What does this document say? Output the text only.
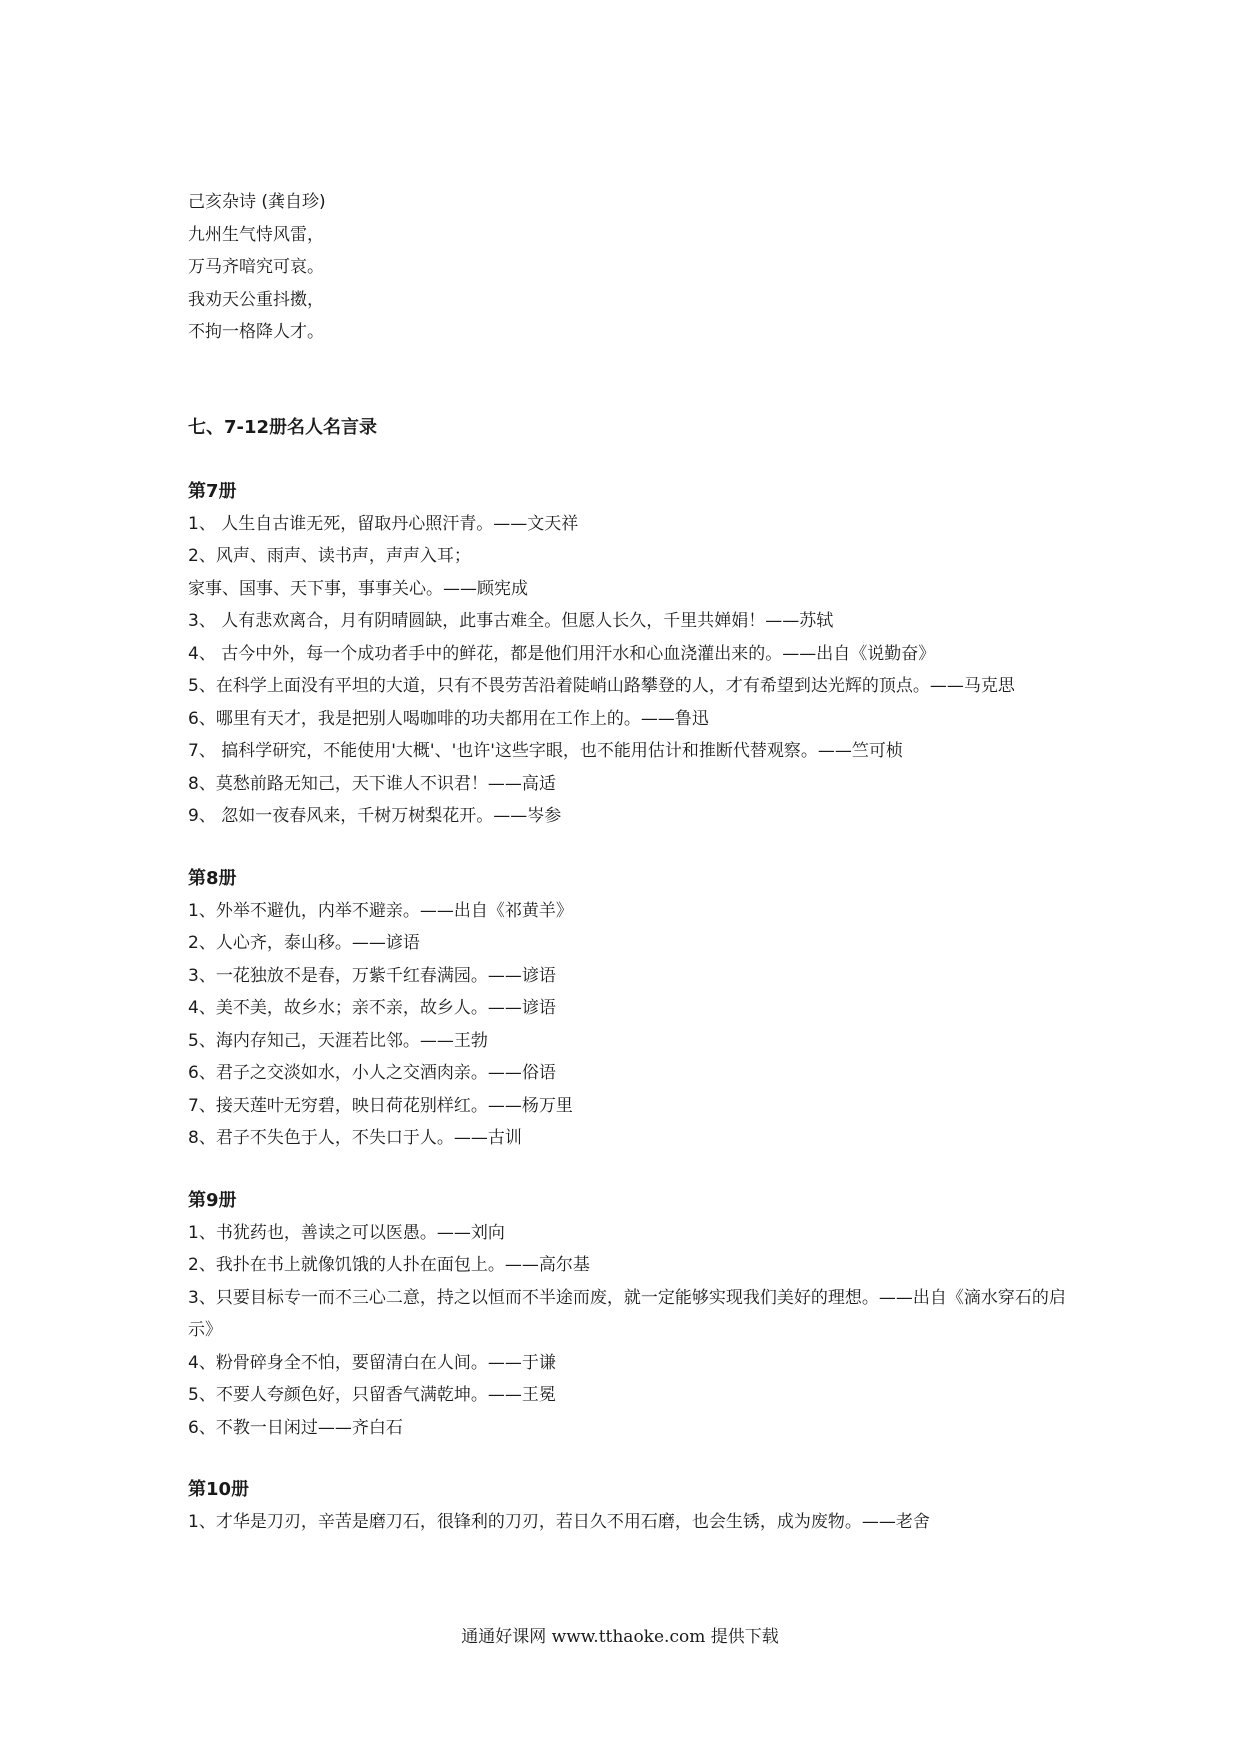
己亥杂诗 (龚自珍)
九州生气恃风雷，
万马齐喑究可哀。
我劝天公重抖擞，
不拘一格降人才。
七、7-12册名人名言录
第7册
1、 人生自古谁无死，留取丹心照汗青。——文天祥
2、风声、雨声、读书声，声声入耳；
家事、国事、天下事，事事关心。——顾宪成
3、 人有悲欢离合，月有阴晴圆缺，此事古难全。但愿人长久，千里共婵娟！——苏轼
4、 古今中外，每一个成功者手中的鲜花，都是他们用汗水和心血浇灌出来的。——出自《说勤奋》
5、在科学上面没有平坦的大道，只有不畏劳苦沿着陡峭山路攀登的人，才有希望到达光辉的顶点。——马克思
6、哪里有天才，我是把别人喝咖啡的功夫都用在工作上的。——鲁迅
7、 搞科学研究，不能使用'大概'、'也许'这些字眼，也不能用估计和推断代替观察。——竺可桢
8、莫愁前路无知己，天下谁人不识君！——高适
9、 忽如一夜春风来，千树万树梨花开。——岑参
第8册
1、外举不避仇，内举不避亲。——出自《祁黄羊》
2、人心齐，泰山移。——谚语
3、一花独放不是春，万紫千红春满园。——谚语
4、美不美，故乡水；亲不亲，故乡人。——谚语
5、海内存知己，天涯若比邻。——王勃
6、君子之交淡如水，小人之交酒肉亲。——俗语
7、接天莲叶无穷碧，映日荷花别样红。——杨万里
8、君子不失色于人，不失口于人。——古训
第9册
1、书犹药也，善读之可以医愚。——刘向
2、我扑在书上就像饥饿的人扑在面包上。——高尔基
3、只要目标专一而不三心二意，持之以恒而不半途而废，就一定能够实现我们美好的理想。——出自《滴水穿石的启示》
4、粉骨碎身全不怕，要留清白在人间。——于谦
5、不要人夸颜色好，只留香气满乾坤。——王冕
6、不教一日闲过——齐白石
第10册
1、才华是刀刃，辛苦是磨刀石，很锋利的刀刃，若日久不用石磨，也会生锈，成为废物。——老舍
通通好课网 www.tthaoke.com 提供下载
